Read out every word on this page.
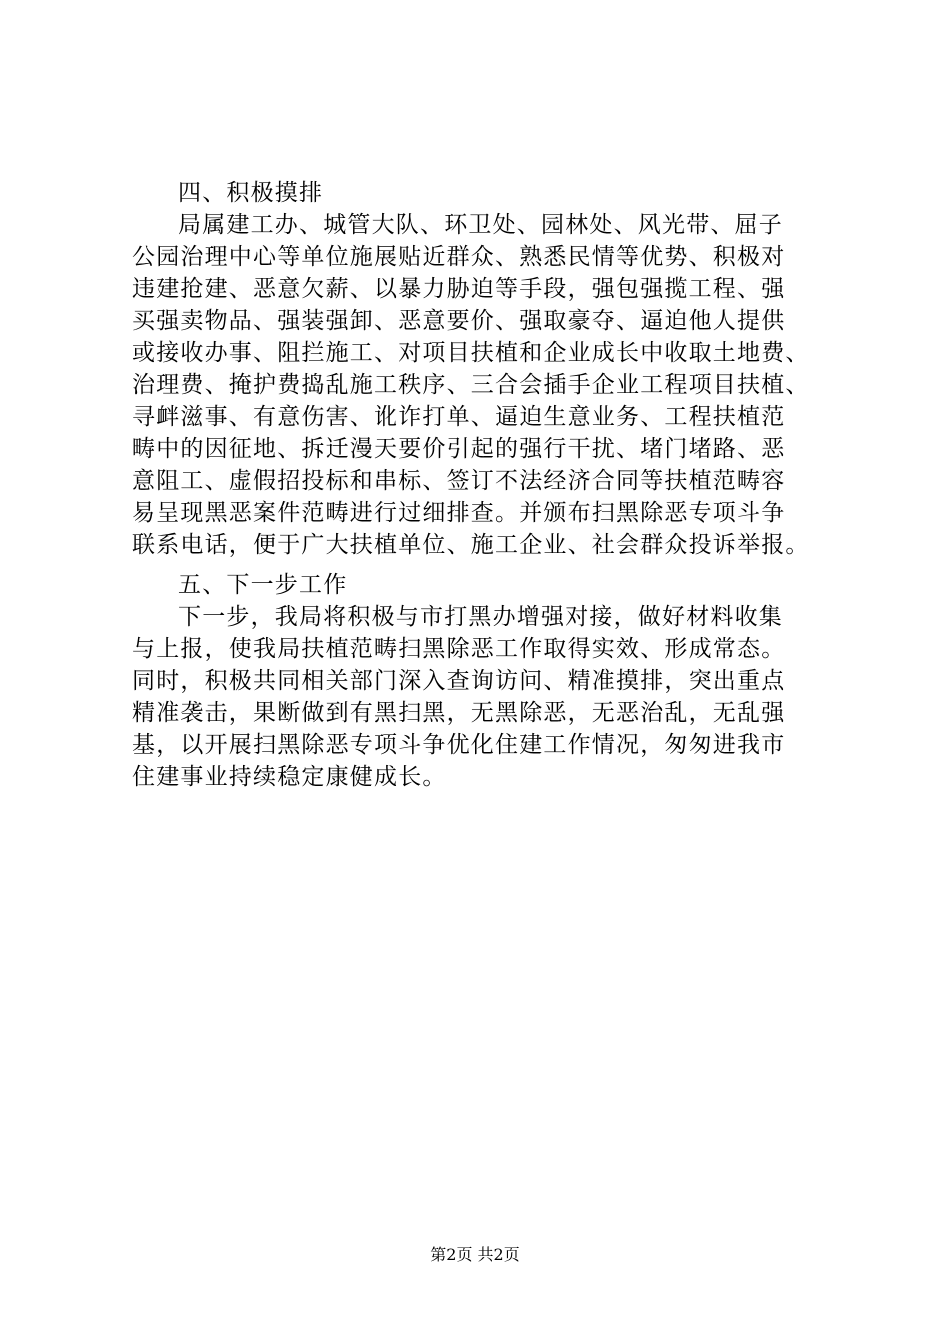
四、积极摸排
局属建工办、城管大队、环卫处、园林处、风光带、屈子
公园治理中心等单位施展贴近群众、熟悉民情等优势、积极对
违建抢建、恶意欠薪、以暴力胁迫等手段，强包强揽工程、强
买强卖物品、强装强卸、恶意要价、强取豪夺、逼迫他人提供
或接收办事、阻拦施工、对项目扶植和企业成长中收取土地费、
治理费、掩护费捣乱施工秩序、三合会插手企业工程项目扶植、
寻衅滋事、有意伤害、讹诈打单、逼迫生意业务、工程扶植范
畴中的因征地、拆迁漫天要价引起的强行干扰、堵门堵路、恶
意阻工、虚假招投标和串标、签订不法经济合同等扶植范畴容
易呈现黑恶案件范畴进行过细排查。并颁布扫黑除恶专项斗争
联系电话，便于广大扶植单位、施工企业、社会群众投诉举报。
五、下一步工作
下一步，我局将积极与市打黑办增强对接，做好材料收集
与上报，使我局扶植范畴扫黑除恶工作取得实效、形成常态。
同时，积极共同相关部门深入查询访问、精准摸排，突出重点
精准袭击，果断做到有黑扫黑，无黑除恶，无恶治乱，无乱强
基，以开展扫黑除恶专项斗争优化住建工作情况，匆匆进我市
住建事业持续稳定康健成长。
第2页 共2页
